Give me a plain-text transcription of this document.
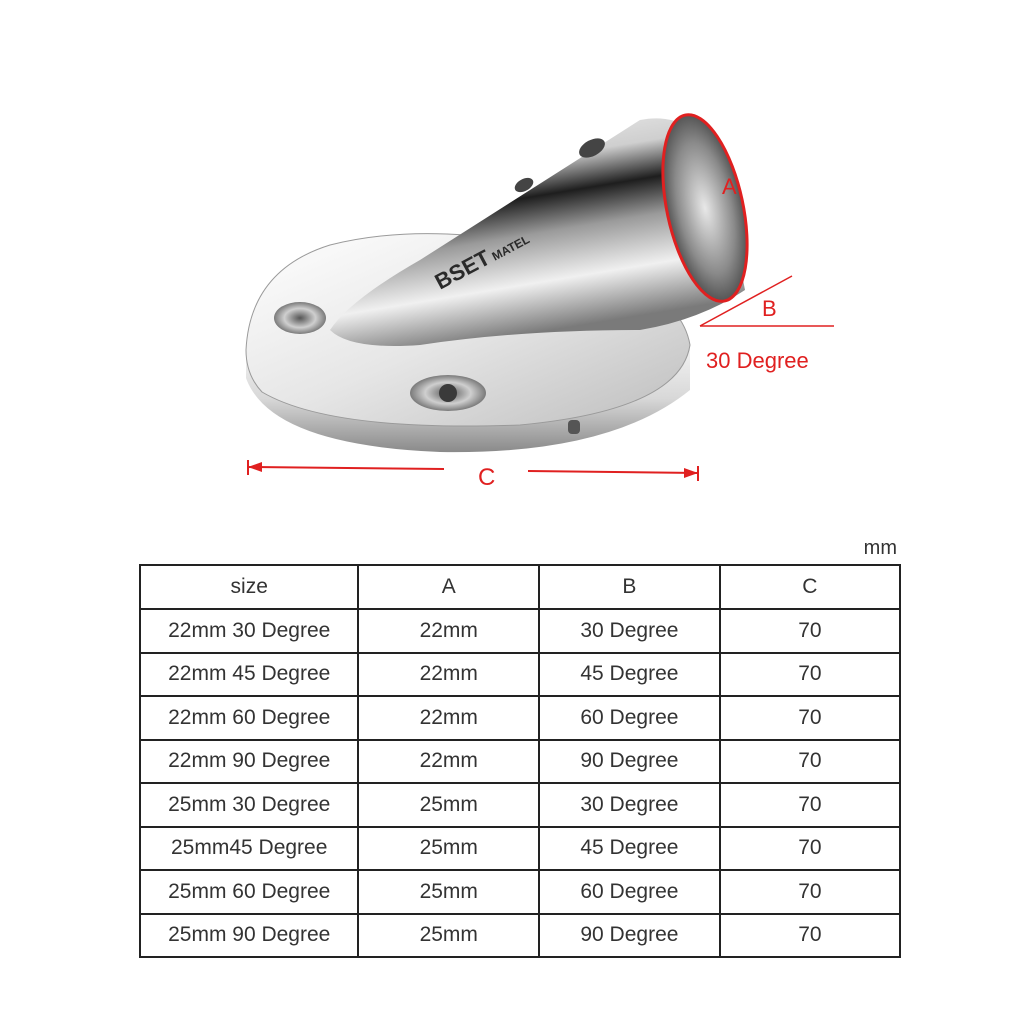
BSET MATEL
A
B
C
30 Degree
mm
size	A	B	C
22mm 30 Degree	22mm	30 Degree	70
22mm 45 Degree	22mm	45 Degree	70
22mm 60 Degree	22mm	60 Degree	70
22mm 90 Degree	22mm	90 Degree	70
25mm 30 Degree	25mm	30 Degree	70
25mm45 Degree	25mm	45 Degree	70
25mm 60 Degree	25mm	60 Degree	70
25mm 90 Degree	25mm	90 Degree	70
